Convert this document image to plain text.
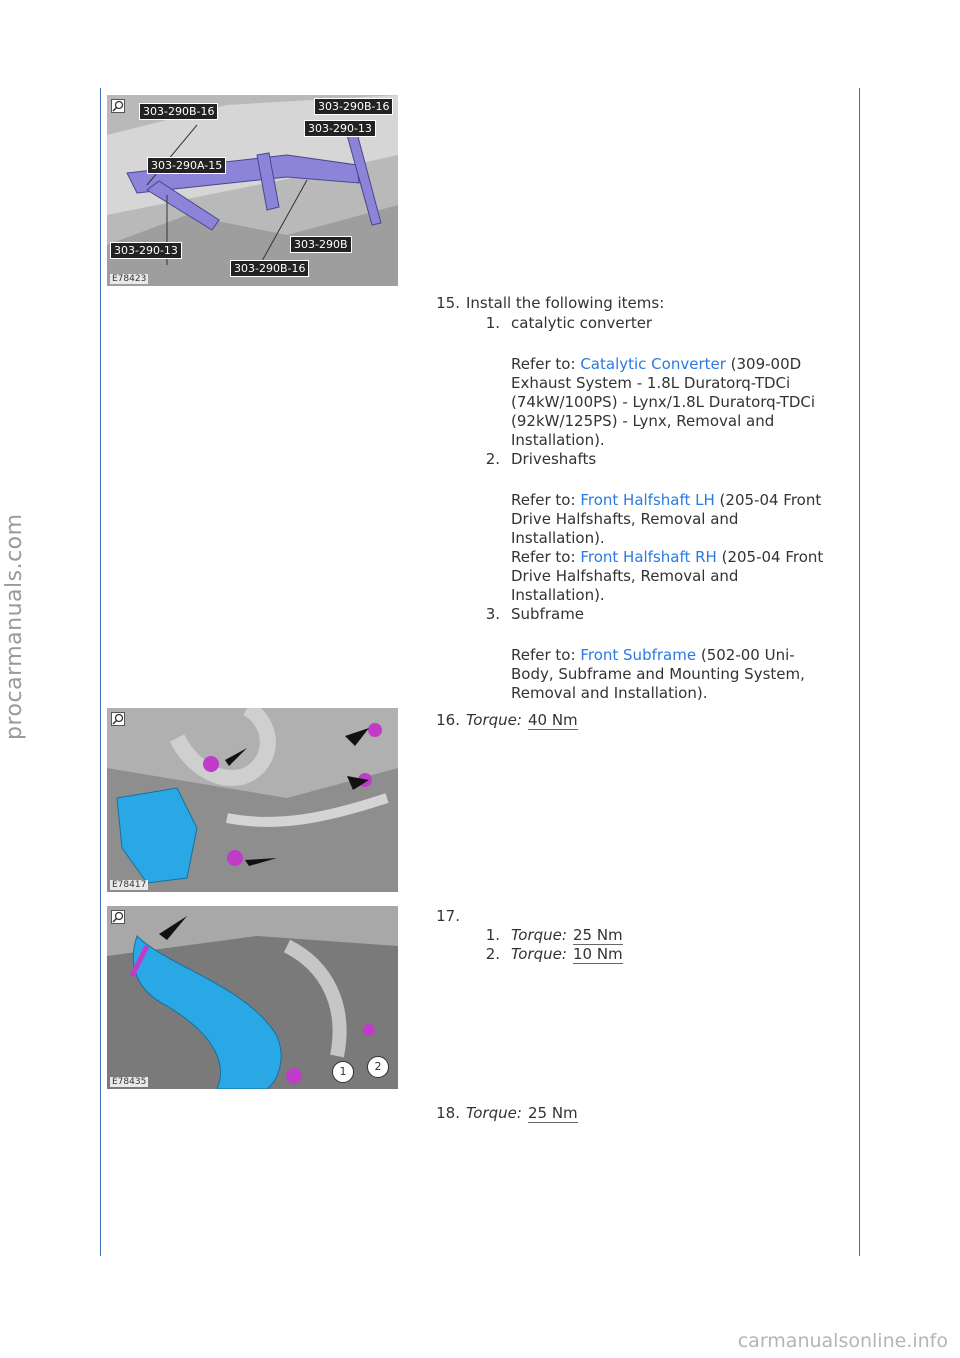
procarmanuals.com
carmanualsonline.info
303-290B-16	303-290B-16
303-290-13
303-290A-15
303-290-13	303-290B
303-290B-16
E78423
15. Install the following items:
1. catalytic converter
Refer to: Catalytic Converter (309-00D
Exhaust System - 1.8L Duratorq-TDCi
(74kW/100PS) - Lynx/1.8L Duratorq-TDCi
(92kW/125PS) - Lynx, Removal and
Installation).
2. Driveshafts
Refer to: Front Halfshaft LH (205-04 Front
Drive Halfshafts, Removal and
Installation).
Refer to: Front Halfshaft RH (205-04 Front
Drive Halfshafts, Removal and
Installation).
3. Subframe
Refer to: Front Subframe (502-00 Uni-
Body, Subframe and Mounting System,
Removal and Installation).
E78417
16. Torque: 40 Nm
1	2
E78435
17.
1. Torque: 25 Nm
2. Torque: 10 Nm
18. Torque: 25 Nm
